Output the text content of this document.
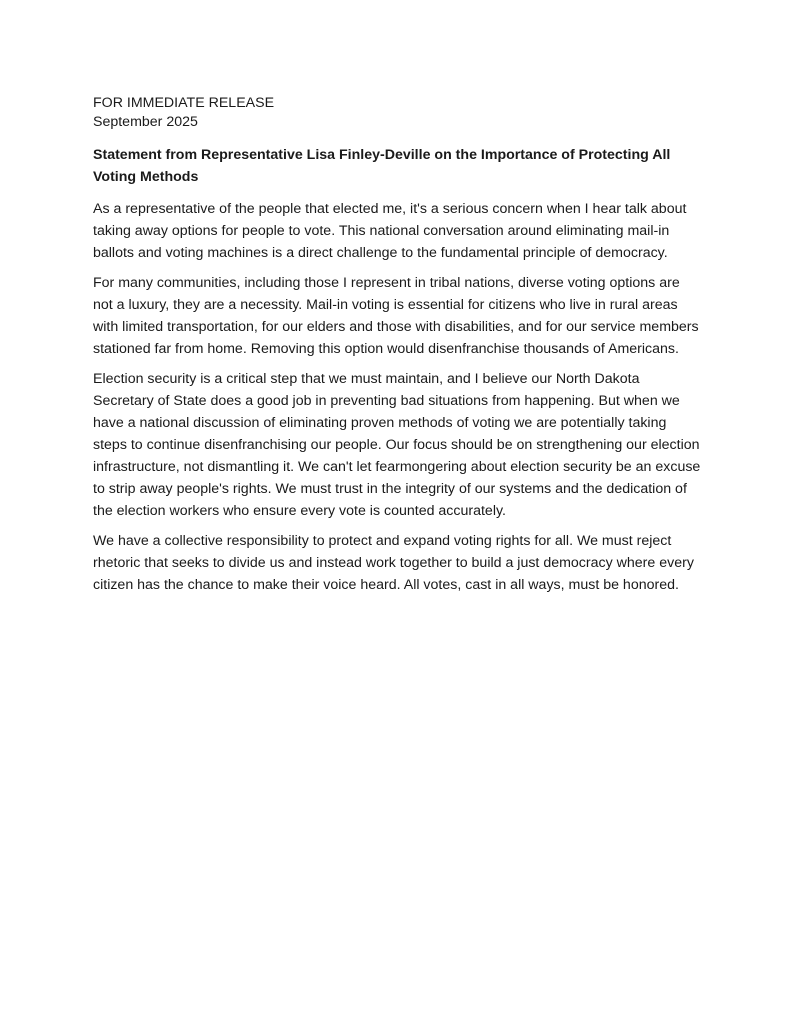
FOR IMMEDIATE RELEASE
September 2025
Statement from Representative Lisa Finley-Deville on the Importance of Protecting All Voting Methods

As a representative of the people that elected me, it's a serious concern when I hear talk about taking away options for people to vote. This national conversation around eliminating mail-in ballots and voting machines is a direct challenge to the fundamental principle of democracy.

For many communities, including those I represent in tribal nations, diverse voting options are not a luxury, they are a necessity. Mail-in voting is essential for citizens who live in rural areas with limited transportation, for our elders and those with disabilities, and for our service members stationed far from home. Removing this option would disenfranchise thousands of Americans.

Election security is a critical step that we must maintain, and I believe our North Dakota Secretary of State does a good job in preventing bad situations from happening. But when we have a national discussion of eliminating proven methods of voting we are potentially taking steps to continue disenfranchising our people. Our focus should be on strengthening our election infrastructure, not dismantling it. We can't let fearmongering about election security be an excuse to strip away people's rights. We must trust in the integrity of our systems and the dedication of the election workers who ensure every vote is counted accurately.

We have a collective responsibility to protect and expand voting rights for all. We must reject rhetoric that seeks to divide us and instead work together to build a just democracy where every citizen has the chance to make their voice heard. All votes, cast in all ways, must be honored.
